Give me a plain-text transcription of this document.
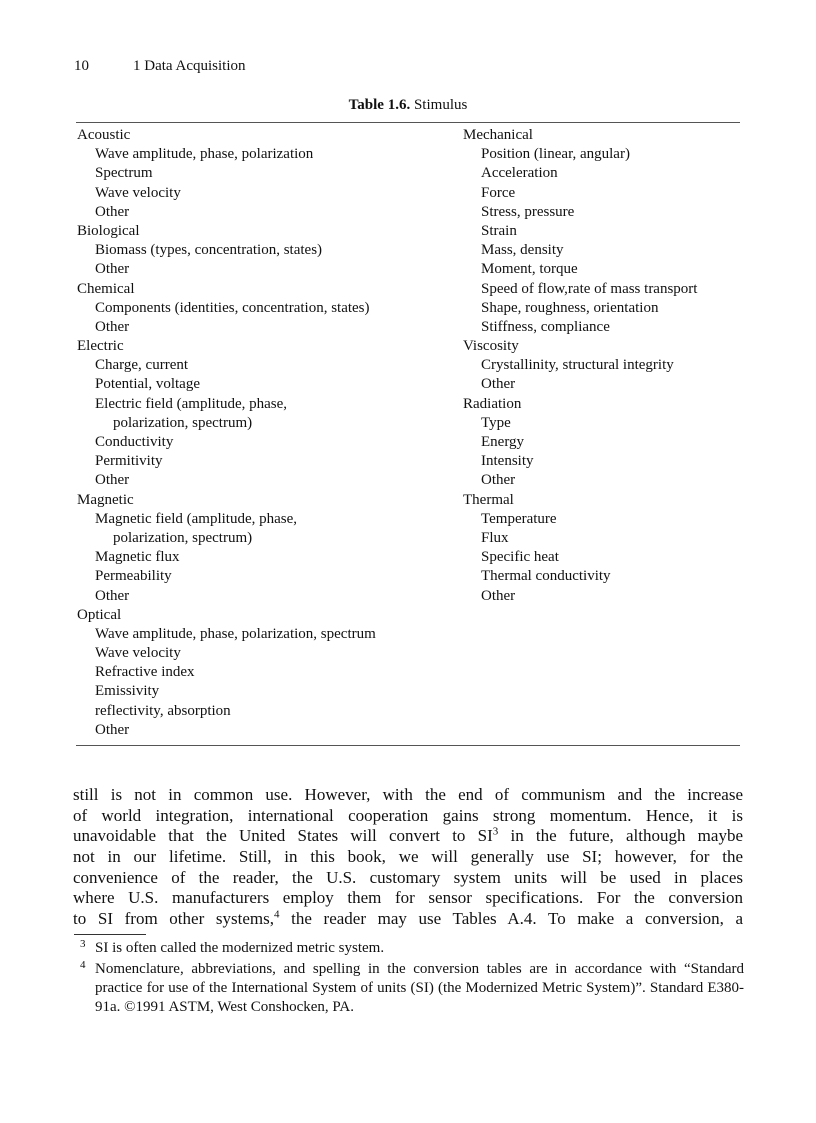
10	1 Data Acquisition
Table 1.6. Stimulus
Acoustic
Wave amplitude, phase, polarization
Spectrum
Wave velocity
Other
Biological
Biomass (types, concentration, states)
Other
Chemical
Components (identities, concentration, states)
Other
Electric
Charge, current
Potential, voltage
Electric field (amplitude, phase,
polarization, spectrum)
Conductivity
Permitivity
Other
Magnetic
Magnetic field (amplitude, phase,
polarization, spectrum)
Magnetic flux
Permeability
Other
Optical
Wave amplitude, phase, polarization, spectrum
Wave velocity
Refractive index
Emissivity
reflectivity, absorption
Other
Mechanical
Position (linear, angular)
Acceleration
Force
Stress, pressure
Strain
Mass, density
Moment, torque
Speed of flow,rate of mass transport
Shape, roughness, orientation
Stiffness, compliance
Viscosity
Crystallinity, structural integrity
Other
Radiation
Type
Energy
Intensity
Other
Thermal
Temperature
Flux
Specific heat
Thermal conductivity
Other
still is not in common use. However, with the end of communism and the increase
of world integration, international cooperation gains strong momentum. Hence, it is
unavoidable that the United States will convert to $SI^3$ in the future, although maybe
not in our lifetime. Still, in this book, we will generally use SI; however, for the
convenience of the reader, the U.S. customary system units will be used in places
where U.S. manufacturers employ them for sensor specifications. For the conversion
to SI from other systems,$^4$ the reader may use Tables A.4. To make a conversion, a
3 SI is often called the modernized metric system.
4 Nomenclature, abbreviations, and spelling in the conversion tables are in accordance with “Standard practice for use of the International System of units (SI) (the Modernized Metric System)”. Standard E380-91a. ©1991 ASTM, West Conshocken, PA.
